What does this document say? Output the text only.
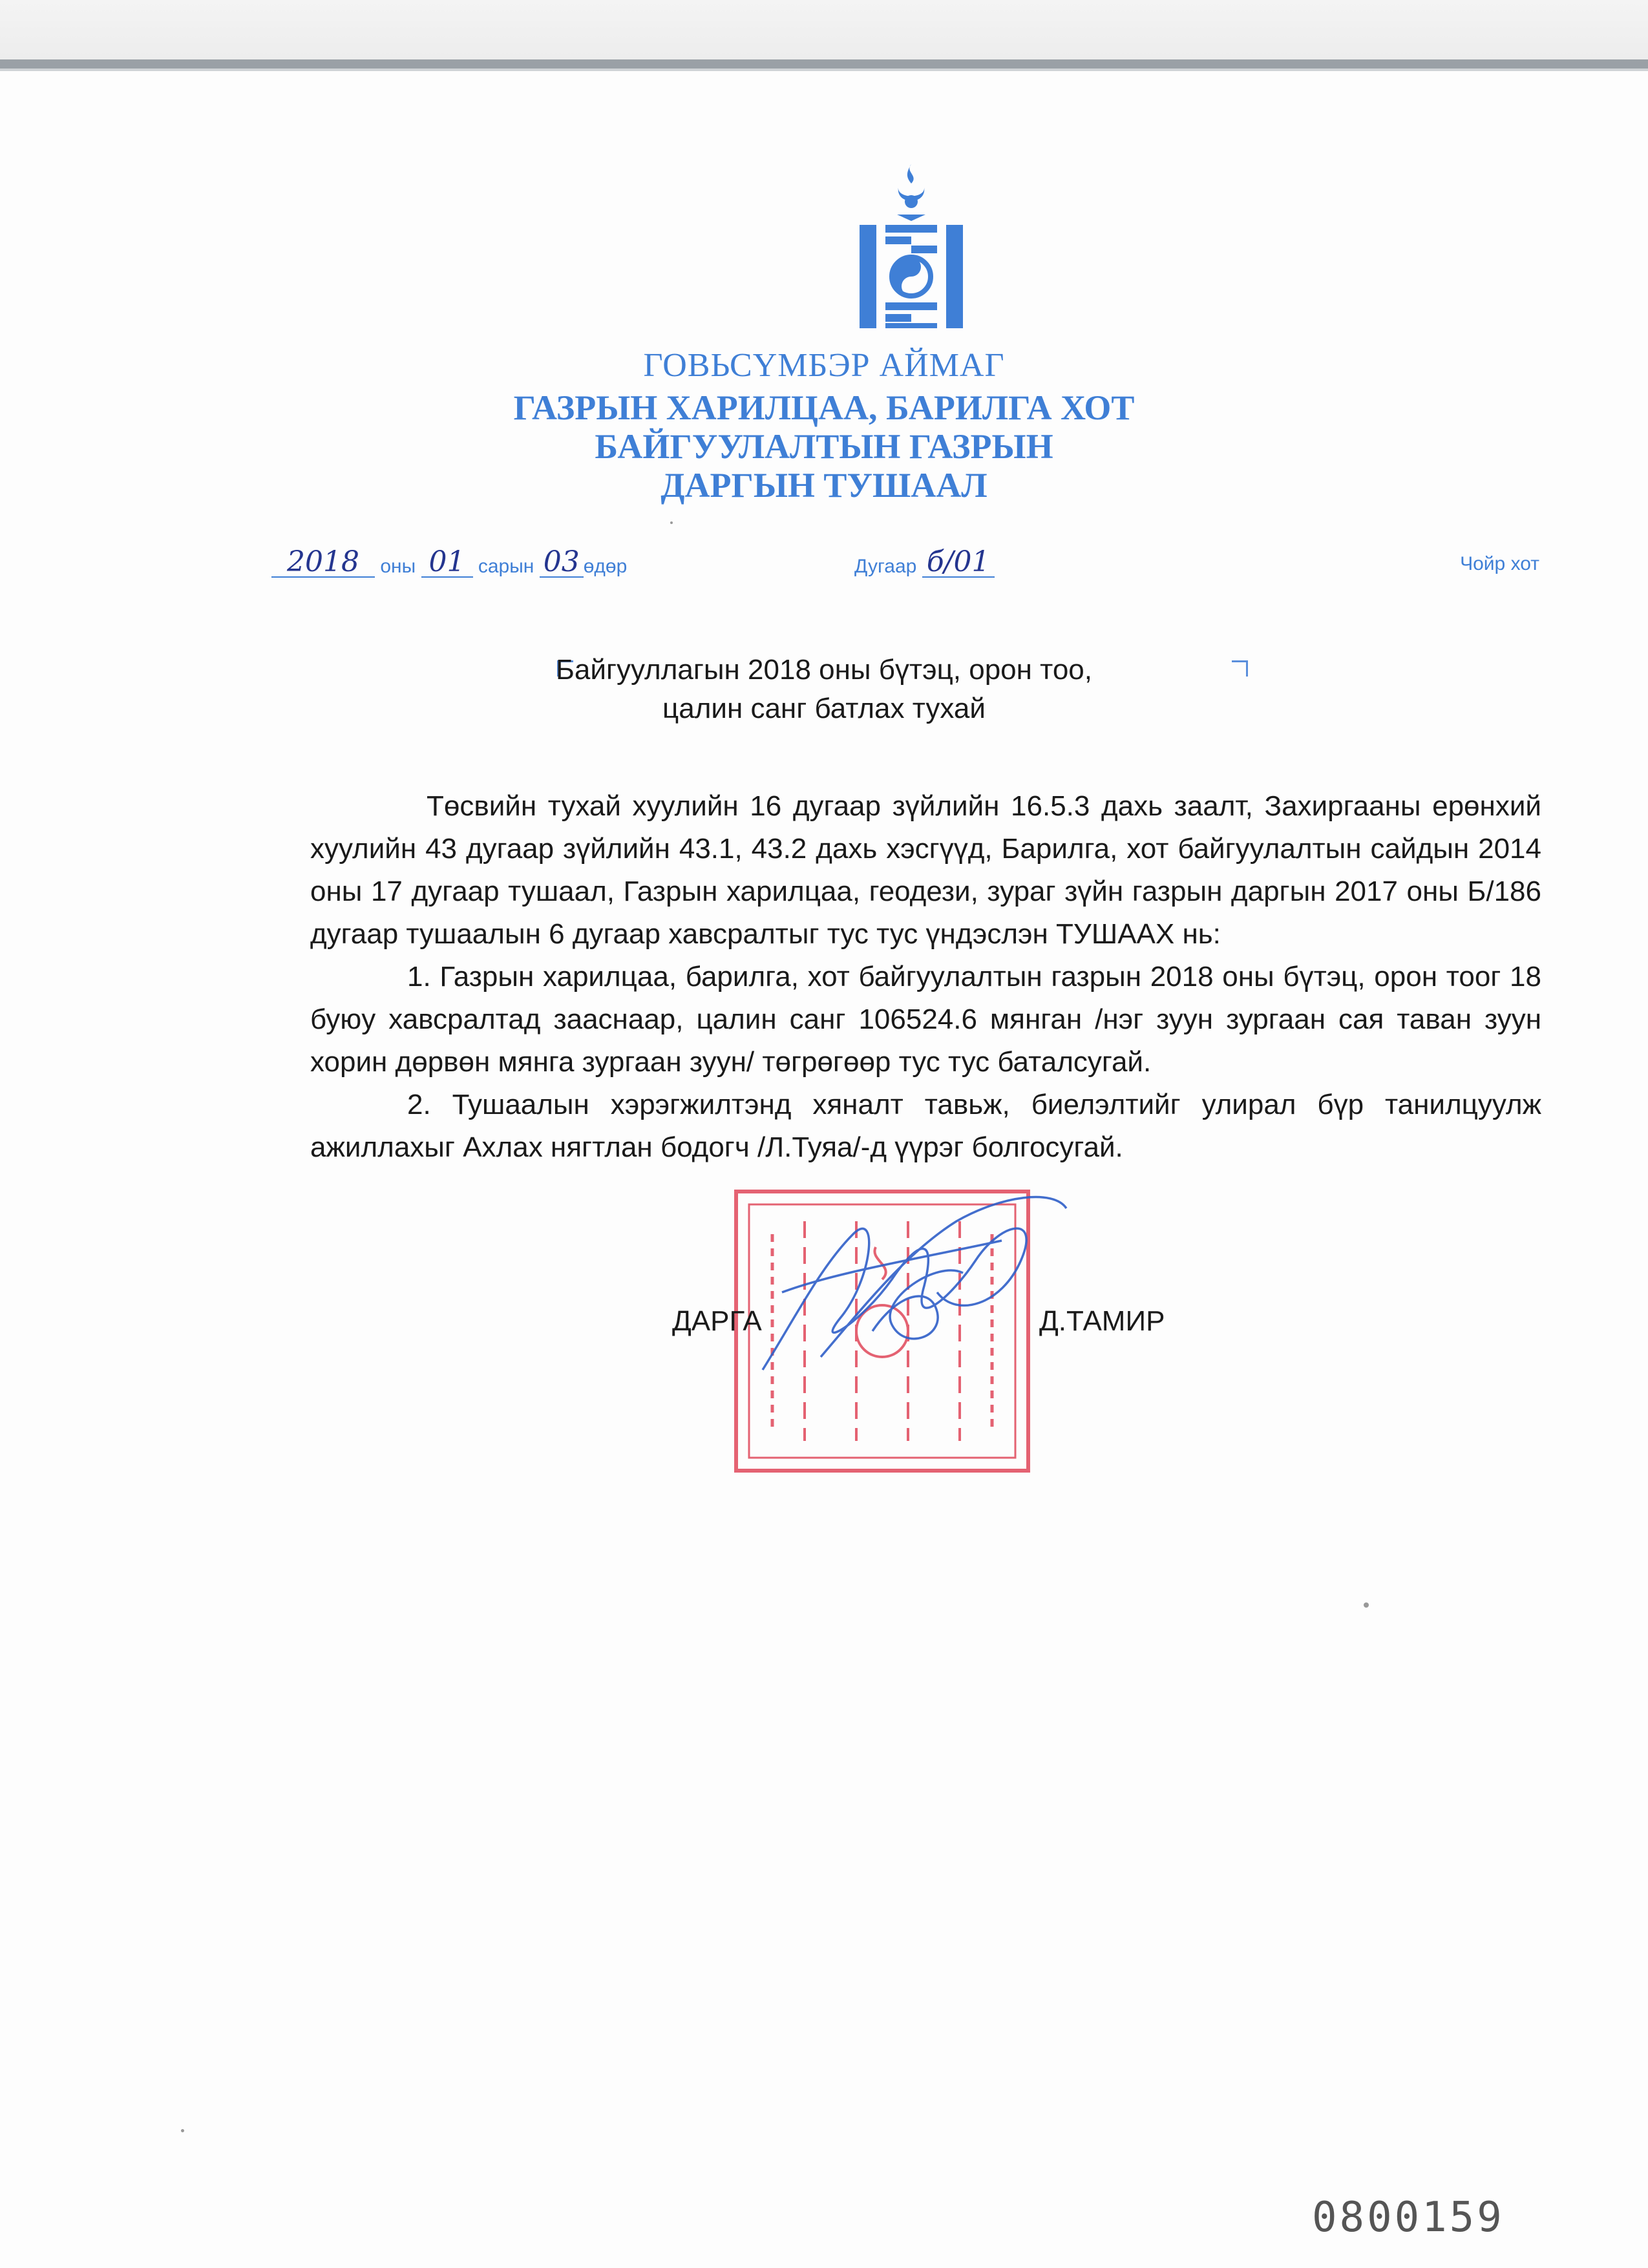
ГОВЬСҮМБЭР АЙМАГ
ГАЗРЫН ХАРИЛЦАА, БАРИЛГА ХОТ
БАЙГУУЛАЛТЫН ГАЗРЫН
ДАРГЫН ТУШААЛ
2018 оны 01 сарын 03 өдөр	Дугаар б/01	Чойр хот
Байгууллагын 2018 оны бүтэц, орон тоо,
цалин санг батлах тухай

Төсвийн тухай хуулийн 16 дугаар зүйлийн 16.5.3 дахь заалт, Захиргааны ерөнхий хуулийн 43 дугаар зүйлийн 43.1, 43.2 дахь хэсгүүд, Барилга, хот байгуулалтын сайдын 2014 оны 17 дугаар тушаал, Газрын харилцаа, геодези, зураг зүйн газрын даргын 2017 оны Б/186 дугаар тушаалын 6 дугаар хавсралтыг тус тус үндэслэн ТУШААХ нь:

1. Газрын харилцаа, барилга, хот байгуулалтын газрын 2018 оны бүтэц, орон тоог 18 буюу хавсралтад зааснаар, цалин санг 106524.6 мянган /нэг зуун зургаан сая таван зуун хорин дөрвөн мянга зургаан зуун/ төгрөгөөр тус тус баталсугай.

2. Тушаалын хэрэгжилтэнд хяналт тавьж, биелэлтийг улирал бүр танилцуулж ажиллахыг Ахлах нягтлан бодогч /Л.Туяа/-д үүрэг болгосугай.

ДАРГА	Д.ТАМИР
0800159
